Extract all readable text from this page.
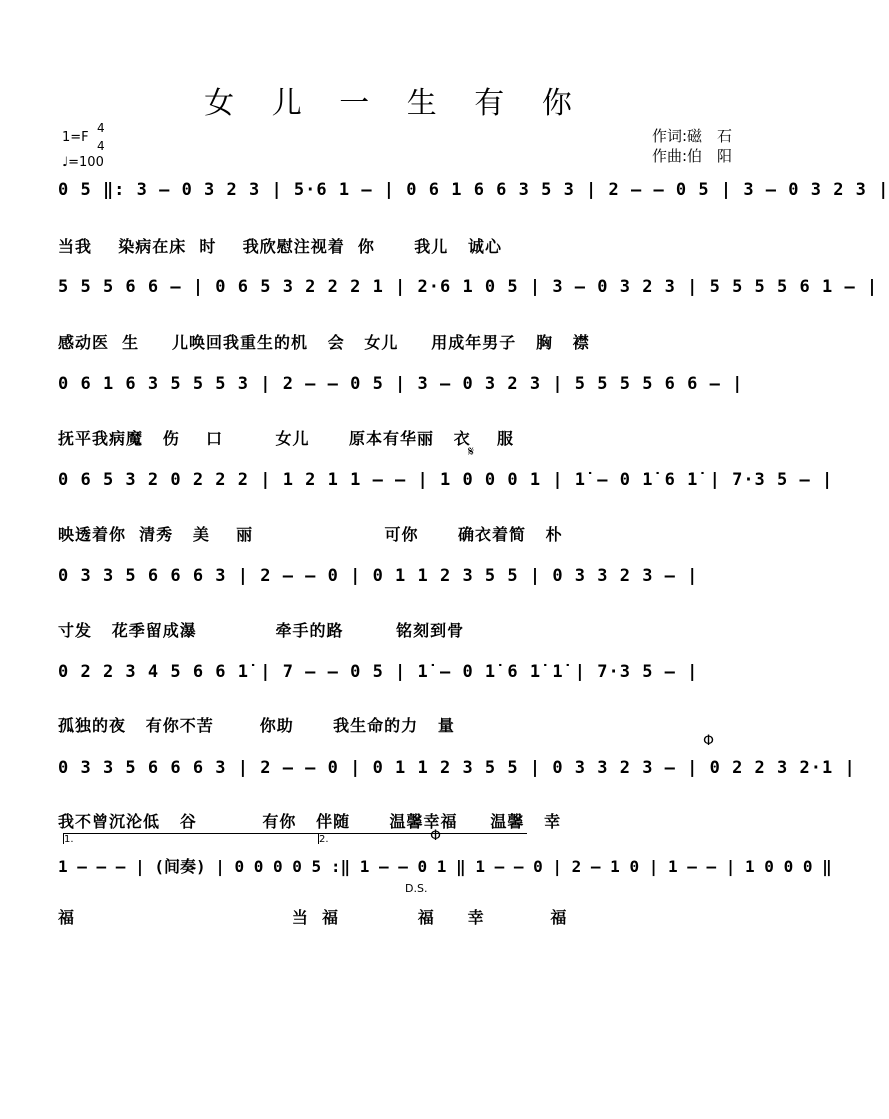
女 儿 一 生 有 你
1=F
4
4
♩=100
作词:磁　石
作曲:伯　阳
0 5 ‖: 3 – 0 3 2 3 | 5·6 1 – | 0 6 1 6 6 3 5 3 | 2 – – 0 5 | 3 – 0 3 2 3 |
当我    染病在床  时    我欣慰注视着  你      我儿   诚心
5 5 5 6 6 – | 0 6 5 3 2 2 2 1 | 2·6 1 0 5 | 3 – 0 3 2 3 | 5 5 5 5 6 1 – |
感动医  生     儿唤回我重生的机   会   女儿     用成年男子   胸   襟
0 6 1 6 3 5 5 5 3 | 2 – – 0 5 | 3 – 0 3 2 3 | 5 5 5 5 6 6 – |
抚平我病魔   伤    口        女儿      原本有华丽   衣    服
𝄋
0 6 5 3 2 0 2 2 2 | 1 2 1 1 – – | 1 0 0 0 1 | 1̇ – 0 1̇ 6 1̇ | 7·3 5 – |
映透着你  清秀   美    丽                    可你      确衣着简   朴
0 3 3 5 6 6 6 3 | 2 – – 0 | 0 1 1 2 3 5 5 | 0 3 3 2 3 – |
寸发   花季留成瀑            牵手的路        铭刻到骨
0 2 2 3 4 5 6 6 1̇ | 7 – – 0 5 | 1̇ – 0 1̇ 6 1̇ 1̇ | 7·3 5 – |
孤独的夜   有你不苦       你助      我生命的力   量
Φ
0 3 3 5 6 6 6 3 | 2 – – 0 | 0 1 1 2 3 5 5 | 0 3 3 2 3 – | 0 2 2 3 2·1 |
我不曾沉沦低   谷          有你   伴随      温馨幸福     温馨   幸
1.	2.	Φ
1 – – – | (间奏) | 0 0 0 0 5 :‖ 1 – – 0 1 ‖ 1 – – 0 | 2 – 1 0 | 1 – – | 1 0 0 0 ‖
D.S.
福                                 当  福            福     幸          福
